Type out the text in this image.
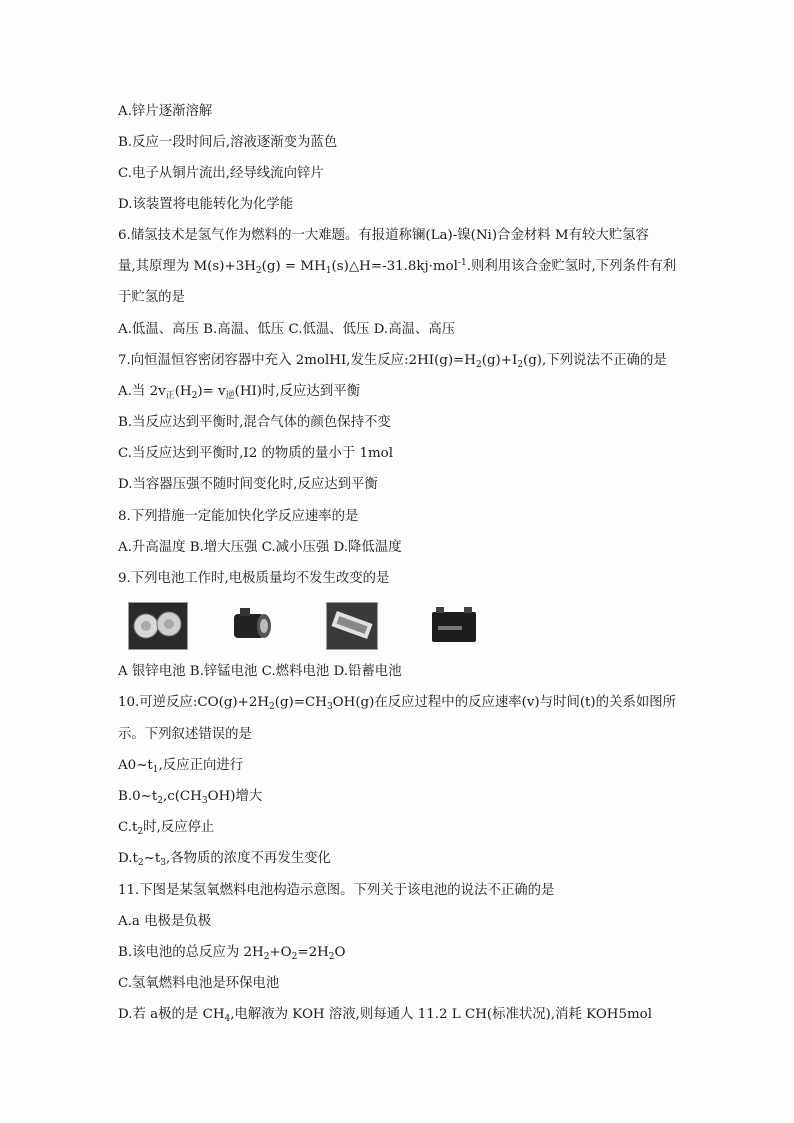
A.锌片逐渐溶解
B.反应一段时间后,溶液逐渐变为蓝色
C.电子从铜片流出,经导线流向锌片
D.该装置将电能转化为化学能
6.储氢技术是氢气作为燃料的一大难题。有报道称镧(La)-镍(Ni)合金材料 M有较大贮氢容
量,其原理为 $M(s)+3H_2(g)$ = $MH_1(s)\triangle H=-31.8kj\cdot mol^{-1}$.则利用该合金贮氢时,下列条件有利
于贮氢的是
A.低温、高压 B.高温、低压 C.低温、低压 D.高温、高压
7.向恒温恒容密闭容器中充入 2molHI,发生反应$:2HI(g)=H_2(g)+I_2(g)$,下列说法不正确的是
A.当 $2v_正(H_2)= v_逆(HI)$时,反应达到平衡
B.当反应达到平衡时,混合气体的颜色保持不变
C.当反应达到平衡时,I2 的物质的量小于 1mol
D.当容器压强不随时间变化时,反应达到平衡
8.下列措施一定能加快化学反应速率的是
A.升高温度 B.增大压强 C.减小压强 D.降低温度
9.下列电池工作时,电极质量均不发生改变的是
A 银锌电池 B.锌锰电池 C.燃料电池 D.铅蓄电池
10.可逆反应$:CO(g)+2H_2(g)=CH_3OH(g)$在反应过程中的反应速率(v)与时间(t)的关系如图所
示。下列叙述错误的是
$A0\sim t_1$,反应正向进行
$B.0\sim t_2,c(CH_3OH)$增大
$C.t_2$时,反应停止
$D.t_2\sim t_3$,各物质的浓度不再发生变化
11.下图是某氢氧燃料电池构造示意图。下列关于该电池的说法不正确的是
A.a 电极是负极
B.该电池的总反应为 $2H_2+O_2=2H_2O$
C.氢氧燃料电池是环保电池
D.若 a极的是 $CH_4$,电解液为 KOH 溶液,则每通人 11.2 L CH(标准状况),消耗 KOH5mol
